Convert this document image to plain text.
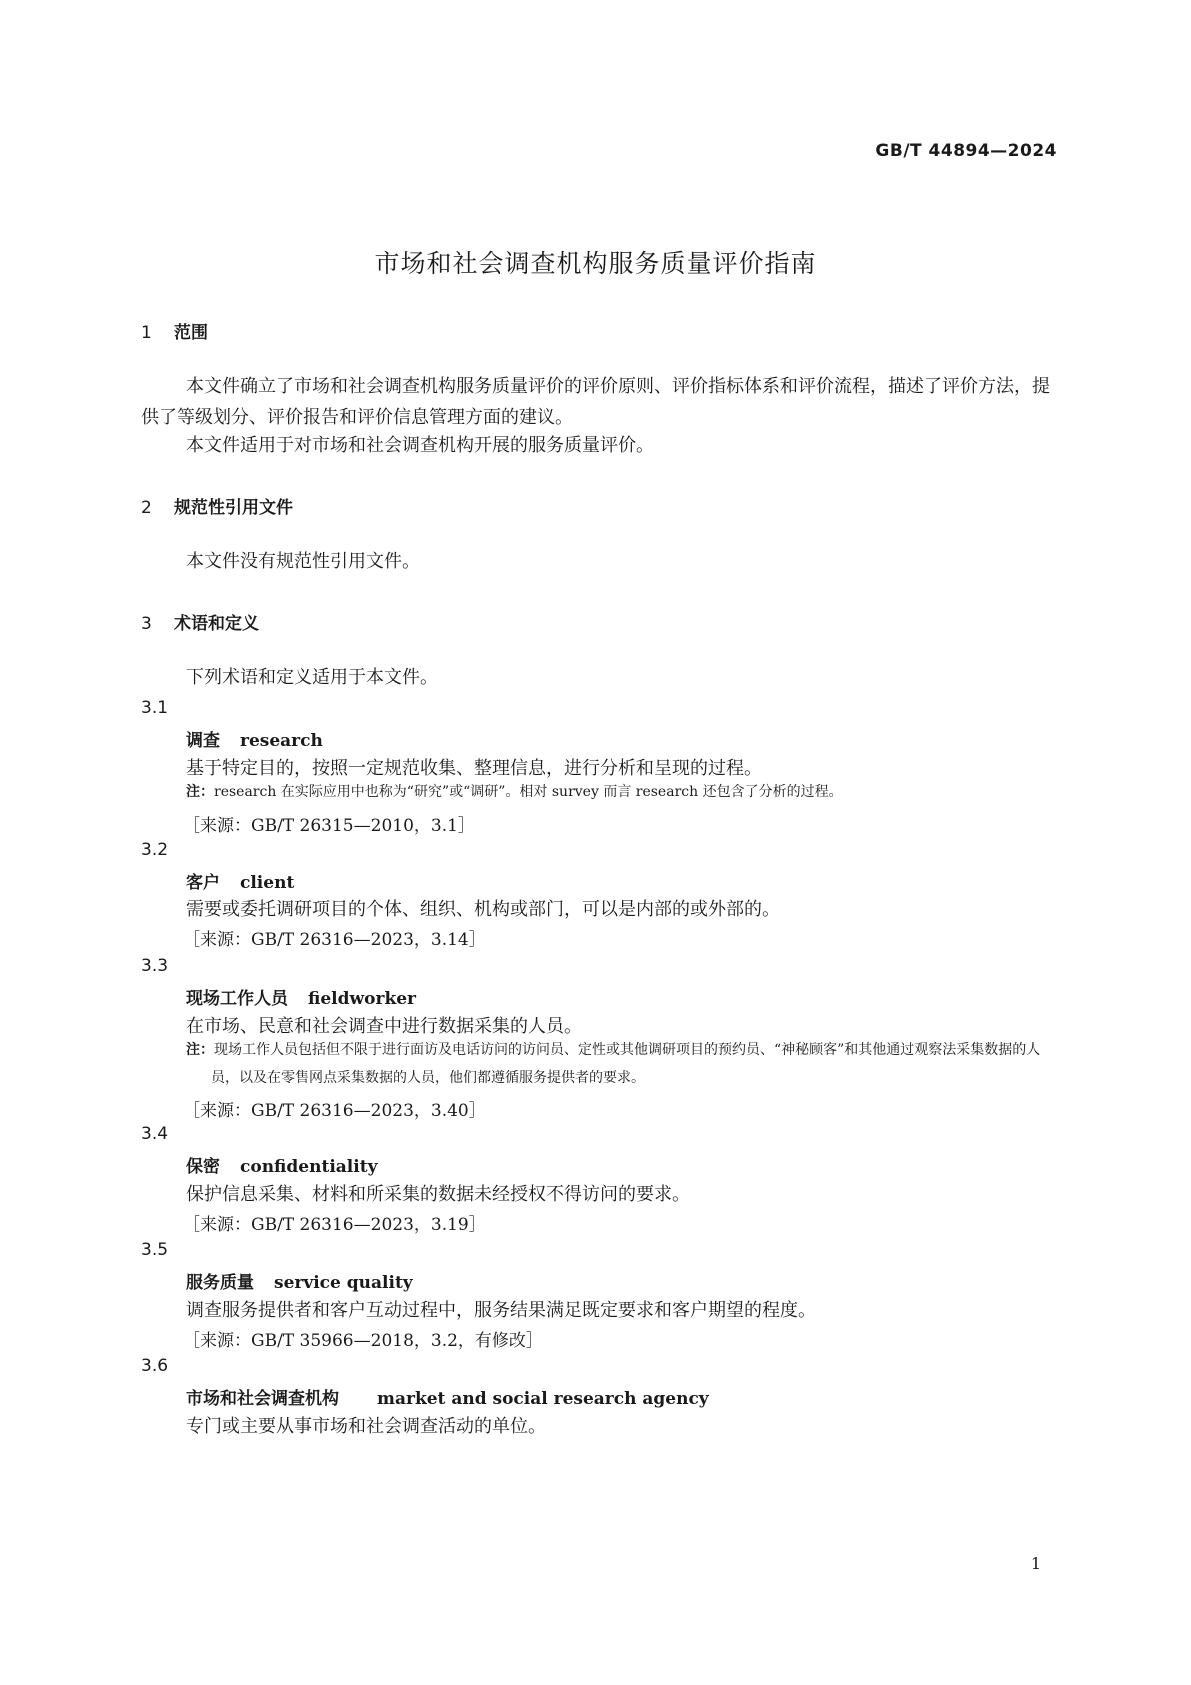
GB/T 44894—2024
市场和社会调查机构服务质量评价指南
1 范围
本文件确立了市场和社会调查机构服务质量评价的评价原则、评价指标体系和评价流程，描述了评价方法，提供了等级划分、评价报告和评价信息管理方面的建议。
本文件适用于对市场和社会调查机构开展的服务质量评价。
2 规范性引用文件
本文件没有规范性引用文件。
3 术语和定义
下列术语和定义适用于本文件。
3.1
调查 research
基于特定目的，按照一定规范收集、整理信息，进行分析和呈现的过程。
注：research 在实际应用中也称为“研究”或“调研”。相对 survey 而言 research 还包含了分析的过程。
［来源：GB/T 26315—2010，3.1］
3.2
客户 client
需要或委托调研项目的个体、组织、机构或部门，可以是内部的或外部的。
［来源：GB/T 26316—2023，3.14］
3.3
现场工作人员 fieldworker
在市场、民意和社会调查中进行数据采集的人员。
注：现场工作人员包括但不限于进行面访及电话访问的访问员、定性或其他调研项目的预约员、“神秘顾客”和其他通过观察法采集数据的人员，以及在零售网点采集数据的人员，他们都遵循服务提供者的要求。
［来源：GB/T 26316—2023，3.40］
3.4
保密 confidentiality
保护信息采集、材料和所采集的数据未经授权不得访问的要求。
［来源：GB/T 26316—2023，3.19］
3.5
服务质量 service quality
调查服务提供者和客户互动过程中，服务结果满足既定要求和客户期望的程度。
［来源：GB/T 35966—2018，3.2，有修改］
3.6
市场和社会调查机构 market and social research agency
专门或主要从事市场和社会调查活动的单位。
1
